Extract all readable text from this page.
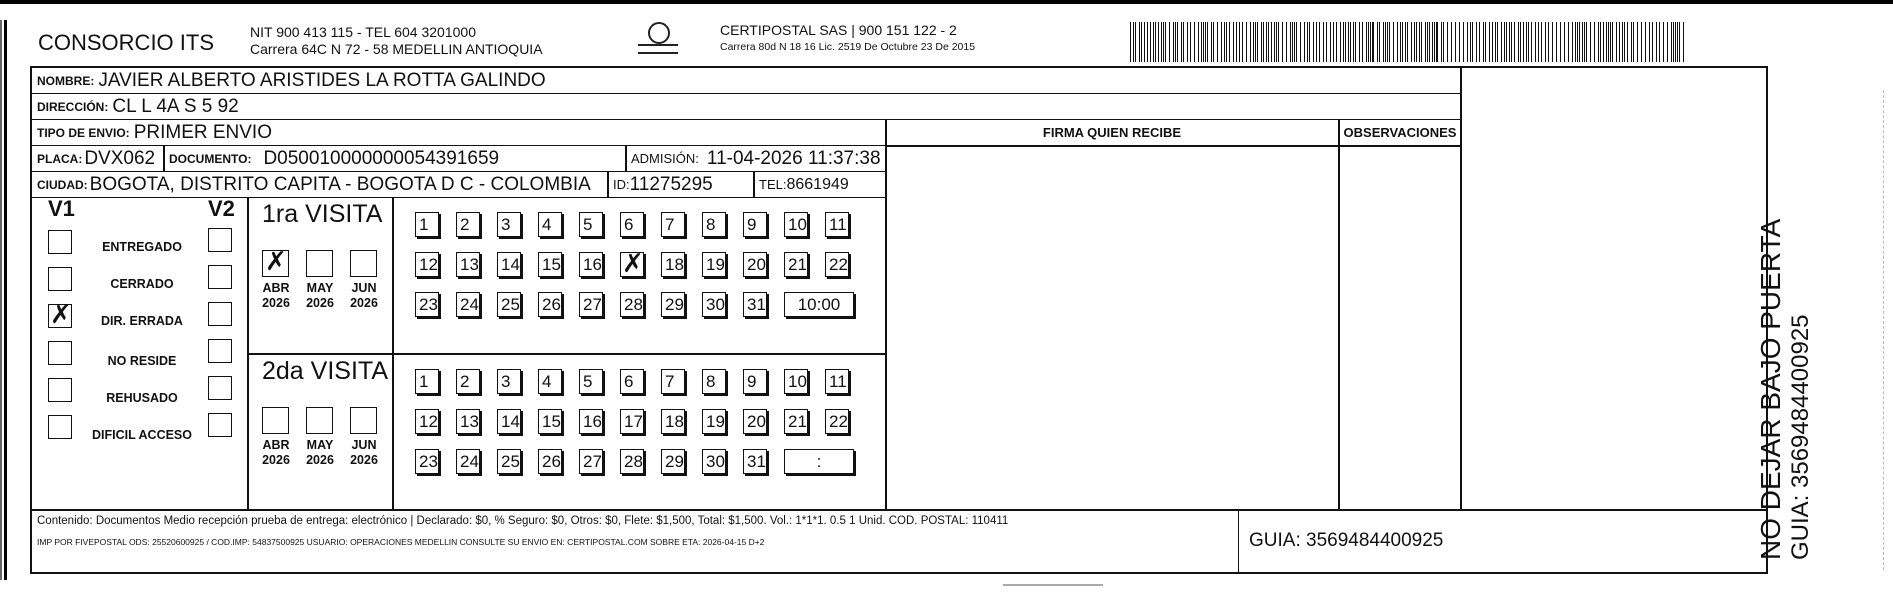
CONSORCIO ITS	NIT 900 413 115 - TEL 604 3201000
Carrera 64C N 72 - 58 MEDELLIN ANTIOQUIA
CERTIPOSTAL SAS | 900 151 122 - 2
Carrera 80d N 18 16 Lic. 2519 De Octubre 23 De 2015
NOMBRE: JAVIER ALBERTO ARISTIDES LA ROTTA GALINDO
DIRECCIÓN: CL L 4A S 5 92
TIPO DE ENVIO: PRIMER ENVIO
PLACA: DVX062 DOCUMENTO: D050010000000054391659	ADMISIÓN: 11-04-2026 11:37:38
CIUDAD: BOGOTA, DISTRITO CAPITA - BOGOTA D C - COLOMBIA ID: 11275295	TEL: 8661949
FIRMA QUIEN RECIBE	OBSERVACIONES
V1	V2
Contenido: Documentos Medio recepción prueba de entrega: electrónico | Declarado: $0, % Seguro: $0, Otros: $0, Flete: $1,500, Total: $1,500. Vol.: 1*1*1. 0.5 1 Unid. COD. POSTAL: 110411
IMP POR FIVEPOSTAL ODS: 25520600925 / COD.IMP: 54837500925 USUARIO: OPERACIONES MEDELLIN CONSULTE SU ENVIO EN: CERTIPOSTAL.COM SOBRE ETA: 2026-04-15 D+2	GUIA: 3569484400925
ENTREGADO
CERRADO
✗	DIR. ERRADA
NO RESIDE
REHUSADO
DIFICIL ACCESO
1ra VISITA
✗
ABR
2026
MAY
2026
JUN
2026
1 2 3 4 5 6 7 8 9 10 11
12 13 14 15 16 ✗ 18 19 20 21 22
23 24 25 26 27 28 29 30 31 10:00
2da VISITA
ABR
2026
MAY
2026
JUN
2026
1 2 3 4 5 6 7 8 9 10 11
12 13 14 15 16 17 18 19 20 21 22
23 24 25 26 27 28 29 30 31	:	NO DEJAR BAJO PUERTA GUIA: 3569484400925
